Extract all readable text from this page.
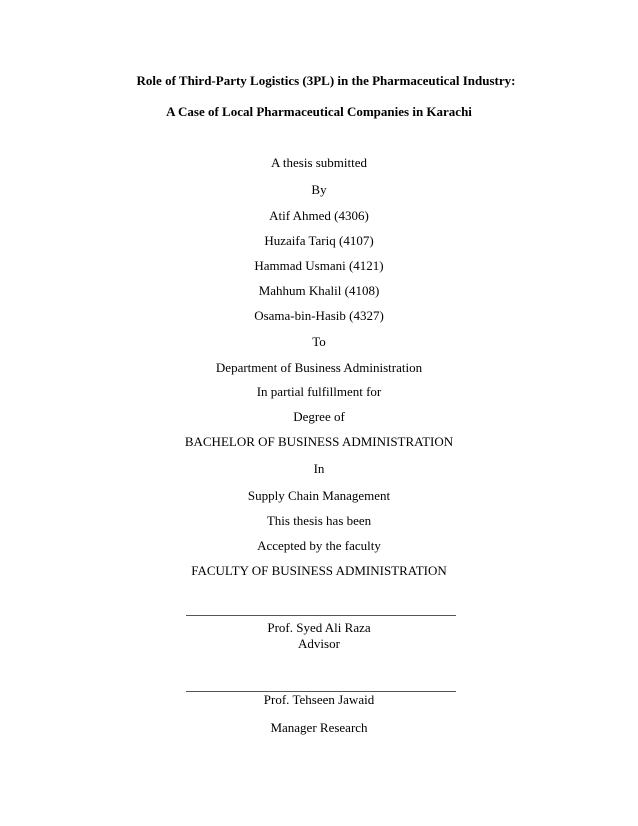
Role of Third-Party Logistics (3PL) in the Pharmaceutical Industry:
A Case of Local Pharmaceutical Companies in Karachi
A thesis submitted
By
Atif Ahmed (4306)
Huzaifa Tariq (4107)
Hammad Usmani (4121)
Mahhum Khalil (4108)
Osama-bin-Hasib (4327)
To
Department of Business Administration
In partial fulfillment for
Degree of
BACHELOR OF BUSINESS ADMINISTRATION
In
Supply Chain Management
This thesis has been
Accepted by the faculty
FACULTY OF BUSINESS ADMINISTRATION
Prof. Syed Ali Raza
Advisor
Prof. Tehseen Jawaid
Manager Research
